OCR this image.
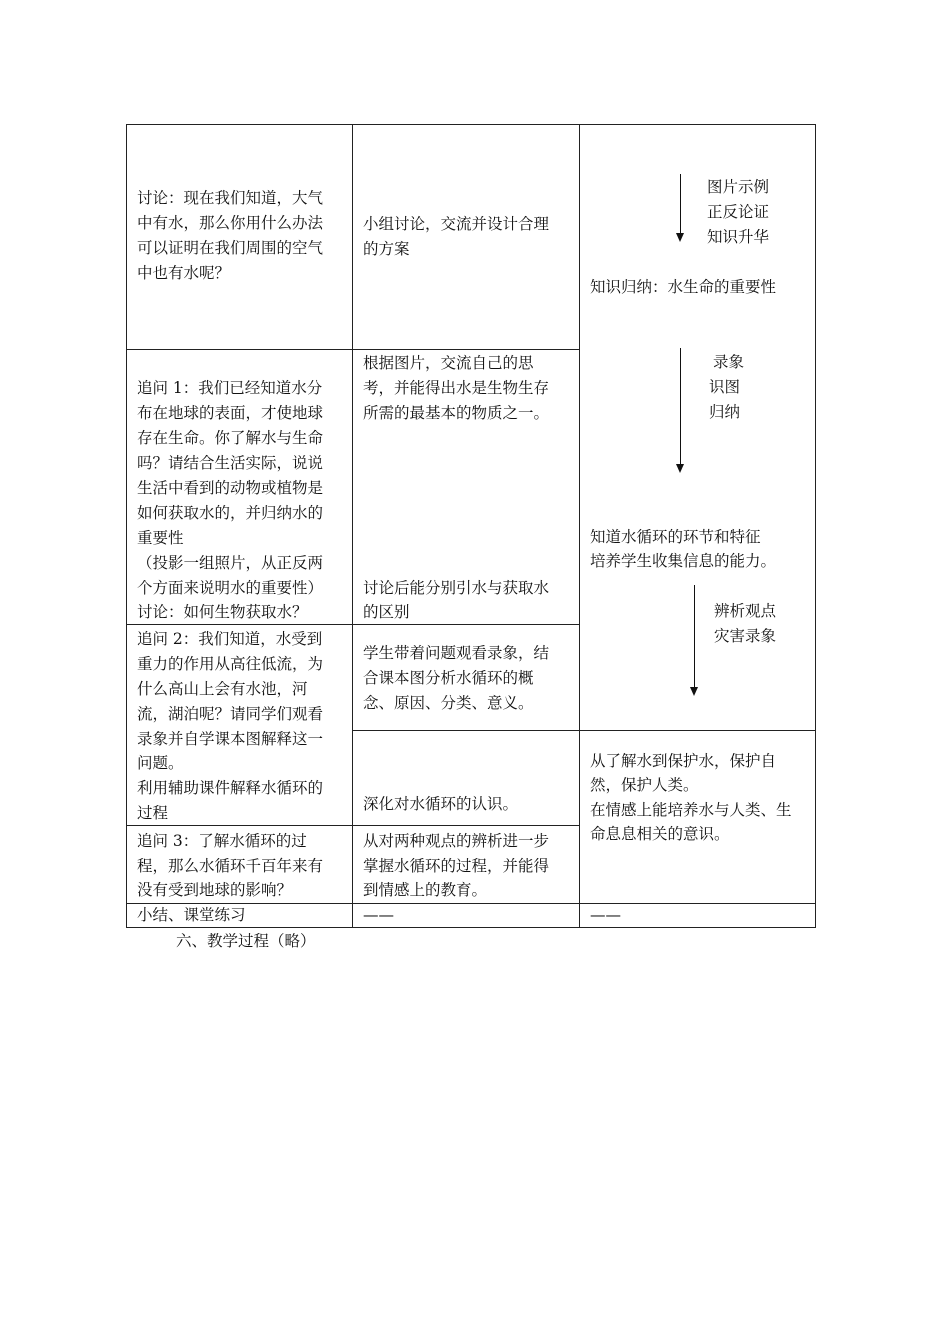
讨论：现在我们知道，大气
中有水，那么你用什么办法
可以证明在我们周围的空气
中也有水呢？
小组讨论，交流并设计合理
的方案
追问 1：我们已经知道水分
布在地球的表面，才使地球
存在生命。你了解水与生命
吗？请结合生活实际，说说
生活中看到的动物或植物是
如何获取水的，并归纳水的
重要性
（投影一组照片，从正反两
个方面来说明水的重要性）
讨论：如何生物获取水？
根据图片，交流自己的思
考，并能得出水是生物生存
所需的最基本的物质之一。
讨论后能分别引水与获取水
的区别
追问 2：我们知道，水受到
重力的作用从高往低流，为
什么高山上会有水池，河
流，湖泊呢？请同学们观看
录象并自学课本图解释这一
问题。
利用辅助课件解释水循环的
过程
学生带着问题观看录象，结
合课本图分析水循环的概
念、原因、分类、意义。
深化对水循环的认识。
追问 3：了解水循环的过
程，那么水循环千百年来有
没有受到地球的影响？
从对两种观点的辨析进一步
掌握水循环的过程，并能得
到情感上的教育。
小结、课堂练习	——	——
图片示例
正反论证
知识升华
知识归纳：水生命的重要性
录象
识图
归纳
知道水循环的环节和特征
培养学生收集信息的能力。
辨析观点
灾害录象
从了解水到保护水，保护自
然，保护人类。
在情感上能培养水与人类、生
命息息相关的意识。
六、教学过程（略）
